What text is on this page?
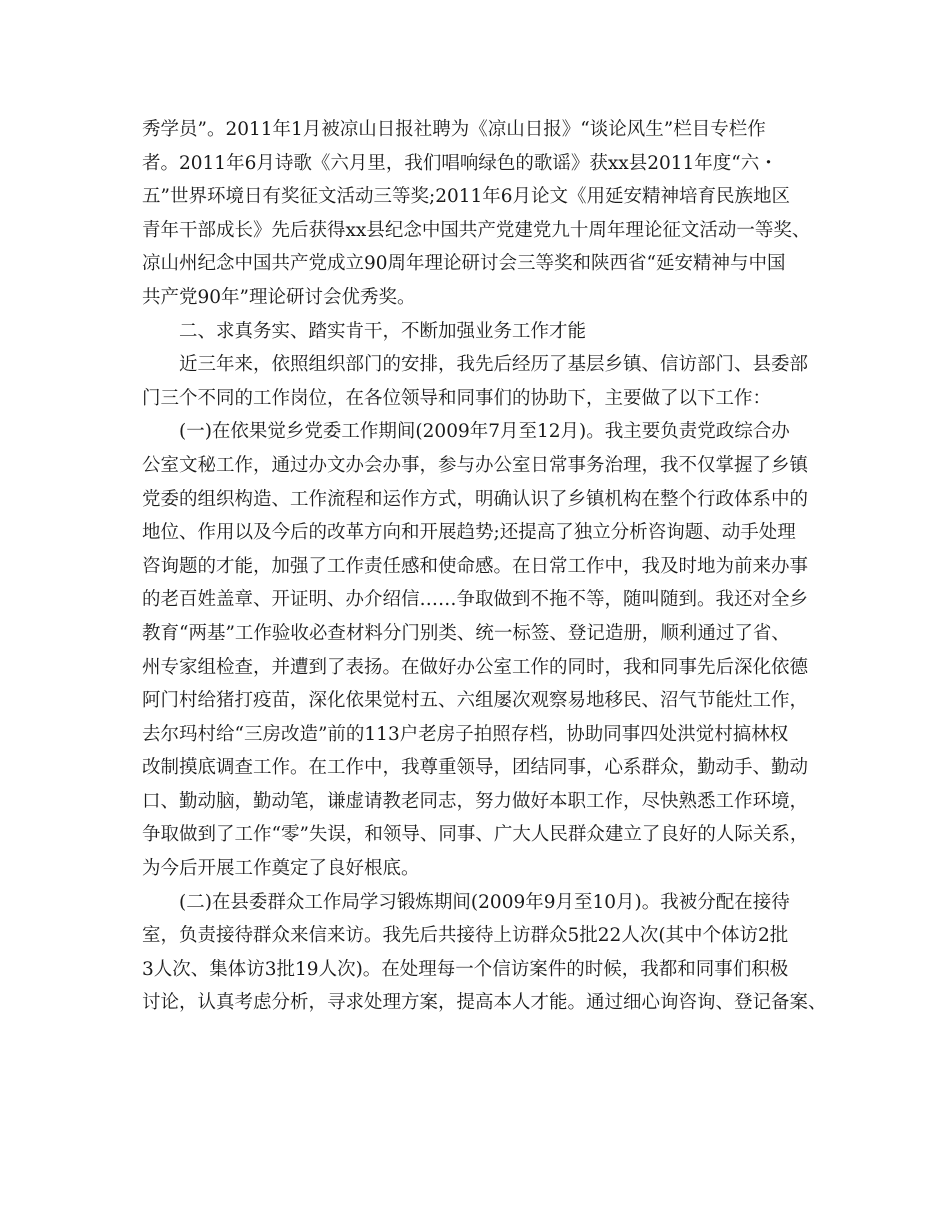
秀学员”。2011年1月被凉山日报社聘为《凉山日报》“谈论风生”栏目专栏作
者。2011年6月诗歌《六月里，我们唱响绿色的歌谣》获xx县2011年度“六・
五”世界环境日有奖征文活动三等奖;2011年6月论文《用延安精神培育民族地区
青年干部成长》先后获得xx县纪念中国共产党建党九十周年理论征文活动一等奖、
凉山州纪念中国共产党成立90周年理论研讨会三等奖和陕西省“延安精神与中国
共产党90年”理论研讨会优秀奖。
二、求真务实、踏实肯干，不断加强业务工作才能
近三年来，依照组织部门的安排，我先后经历了基层乡镇、信访部门、县委部
门三个不同的工作岗位，在各位领导和同事们的协助下，主要做了以下工作：
(一)在依果觉乡党委工作期间(2009年7月至12月)。我主要负责党政综合办
公室文秘工作，通过办文办会办事，参与办公室日常事务治理，我不仅掌握了乡镇
党委的组织构造、工作流程和运作方式，明确认识了乡镇机构在整个行政体系中的
地位、作用以及今后的改革方向和开展趋势;还提高了独立分析咨询题、动手处理
咨询题的才能，加强了工作责任感和使命感。在日常工作中，我及时地为前来办事
的老百姓盖章、开证明、办介绍信……争取做到不拖不等，随叫随到。我还对全乡
教育“两基”工作验收必查材料分门别类、统一标签、登记造册，顺利通过了省、
州专家组检查，并遭到了表扬。在做好办公室工作的同时，我和同事先后深化依德
阿门村给猪打疫苗，深化依果觉村五、六组屡次观察易地移民、沼气节能灶工作，
去尔玛村给“三房改造”前的113户老房子拍照存档，协助同事四处洪觉村搞林权
改制摸底调查工作。在工作中，我尊重领导，团结同事，心系群众，勤动手、勤动
口、勤动脑，勤动笔，谦虚请教老同志，努力做好本职工作，尽快熟悉工作环境，
争取做到了工作“零”失误，和领导、同事、广大人民群众建立了良好的人际关系，
为今后开展工作奠定了良好根底。
(二)在县委群众工作局学习锻炼期间(2009年9月至10月)。我被分配在接待
室，负责接待群众来信来访。我先后共接待上访群众5批22人次(其中个体访2批
3人次、集体访3批19人次)。在处理每一个信访案件的时候，我都和同事们积极
讨论，认真考虑分析，寻求处理方案，提高本人才能。通过细心询咨询、登记备案、
